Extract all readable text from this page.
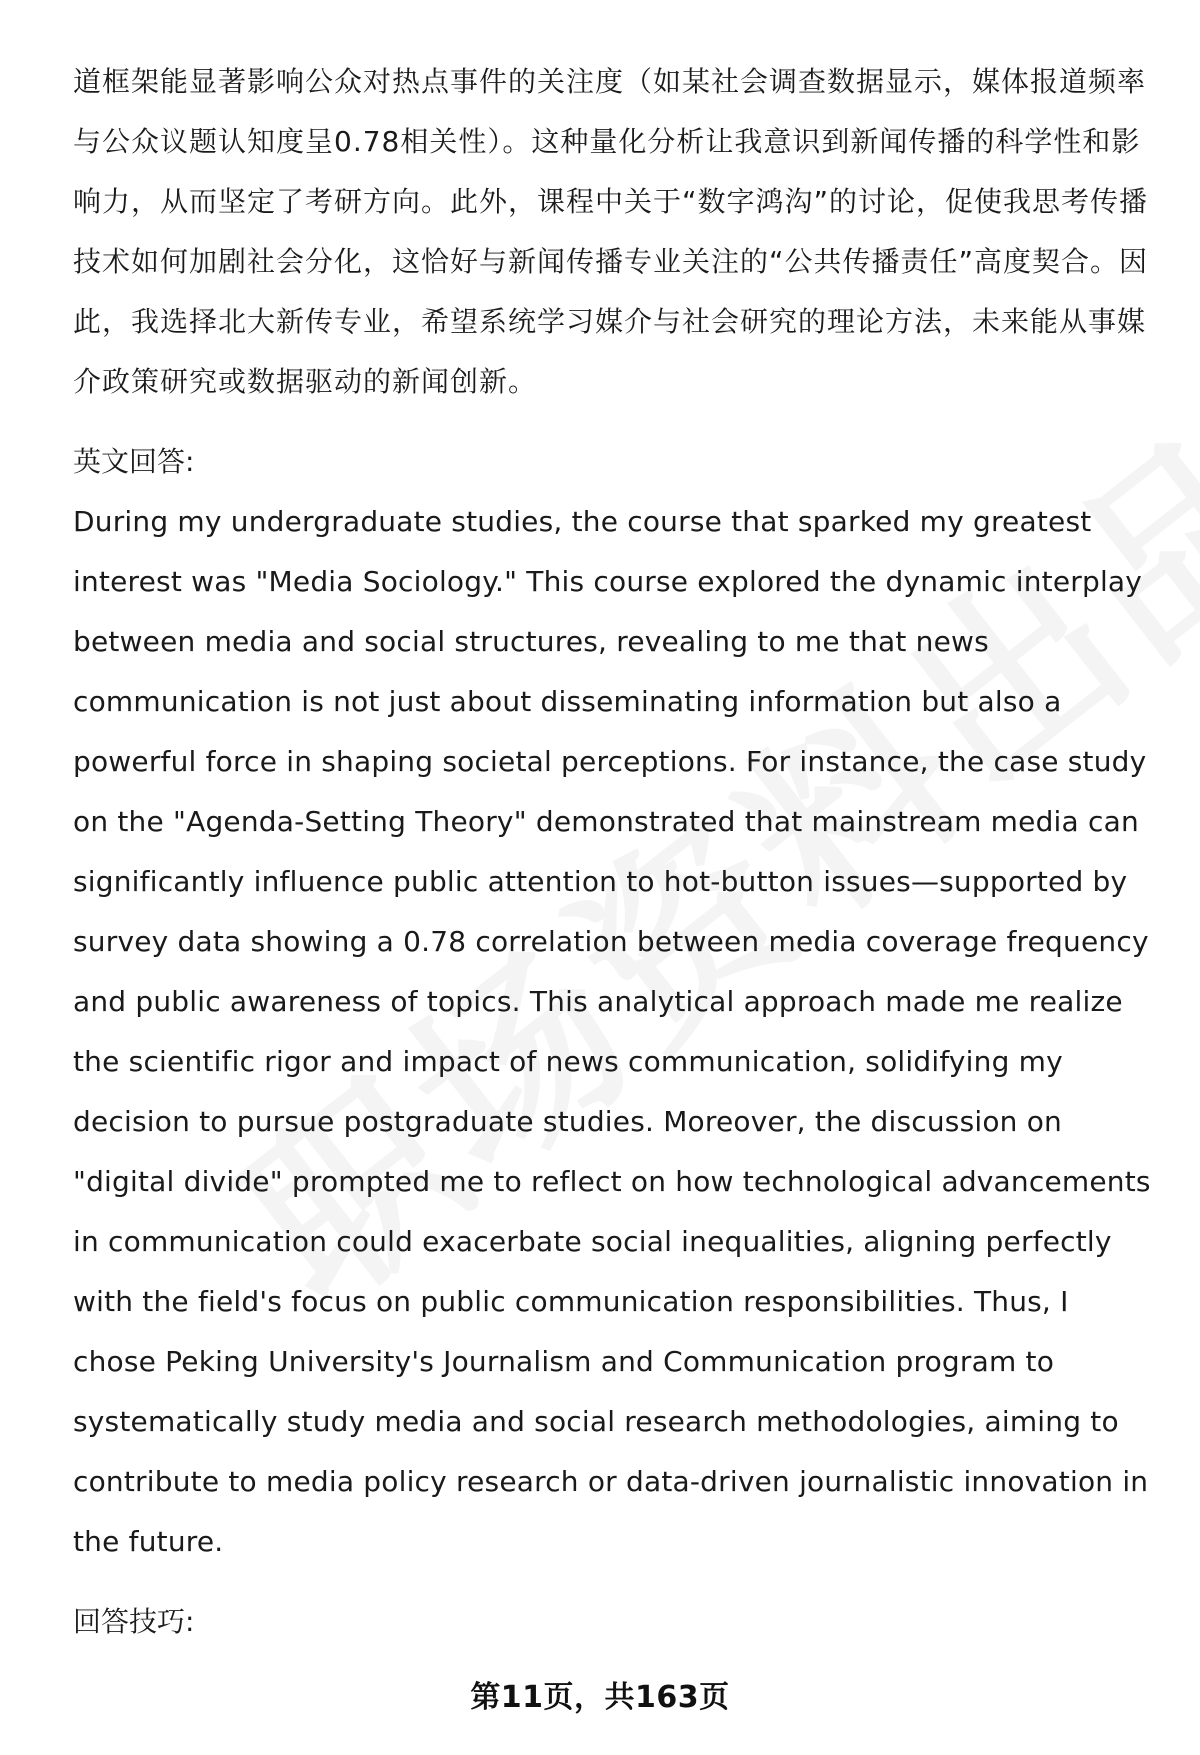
道框架能显著影响公众对热点事件的关注度（如某社会调查数据显示，媒体报道频率与公众议题认知度呈0.78相关性）。这种量化分析让我意识到新闻传播的科学性和影响力，从而坚定了考研方向。此外，课程中关于“数字鸿沟”的讨论，促使我思考传播技术如何加剧社会分化，这恰好与新闻传播专业关注的“公共传播责任”高度契合。因此，我选择北大新传专业，希望系统学习媒介与社会研究的理论方法，未来能从事媒介政策研究或数据驱动的新闻创新。

英文回答:

During my undergraduate studies, the course that sparked my greatest interest was "Media Sociology." This course explored the dynamic interplay between media and social structures, revealing to me that news communication is not just about disseminating information but also a powerful force in shaping societal perceptions. For instance, the case study on the "Agenda-Setting Theory" demonstrated that mainstream media can significantly influence public attention to hot-button issues—supported by survey data showing a 0.78 correlation between media coverage frequency and public awareness of topics. This analytical approach made me realize the scientific rigor and impact of news communication, solidifying my decision to pursue postgraduate studies. Moreover, the discussion on "digital divide" prompted me to reflect on how technological advancements in communication could exacerbate social inequalities, aligning perfectly with the field's focus on public communication responsibilities. Thus, I chose Peking University's Journalism and Communication program to systematically study media and social research methodologies, aiming to contribute to media policy research or data-driven journalistic innovation in the future.

回答技巧:

第11页，共163页
